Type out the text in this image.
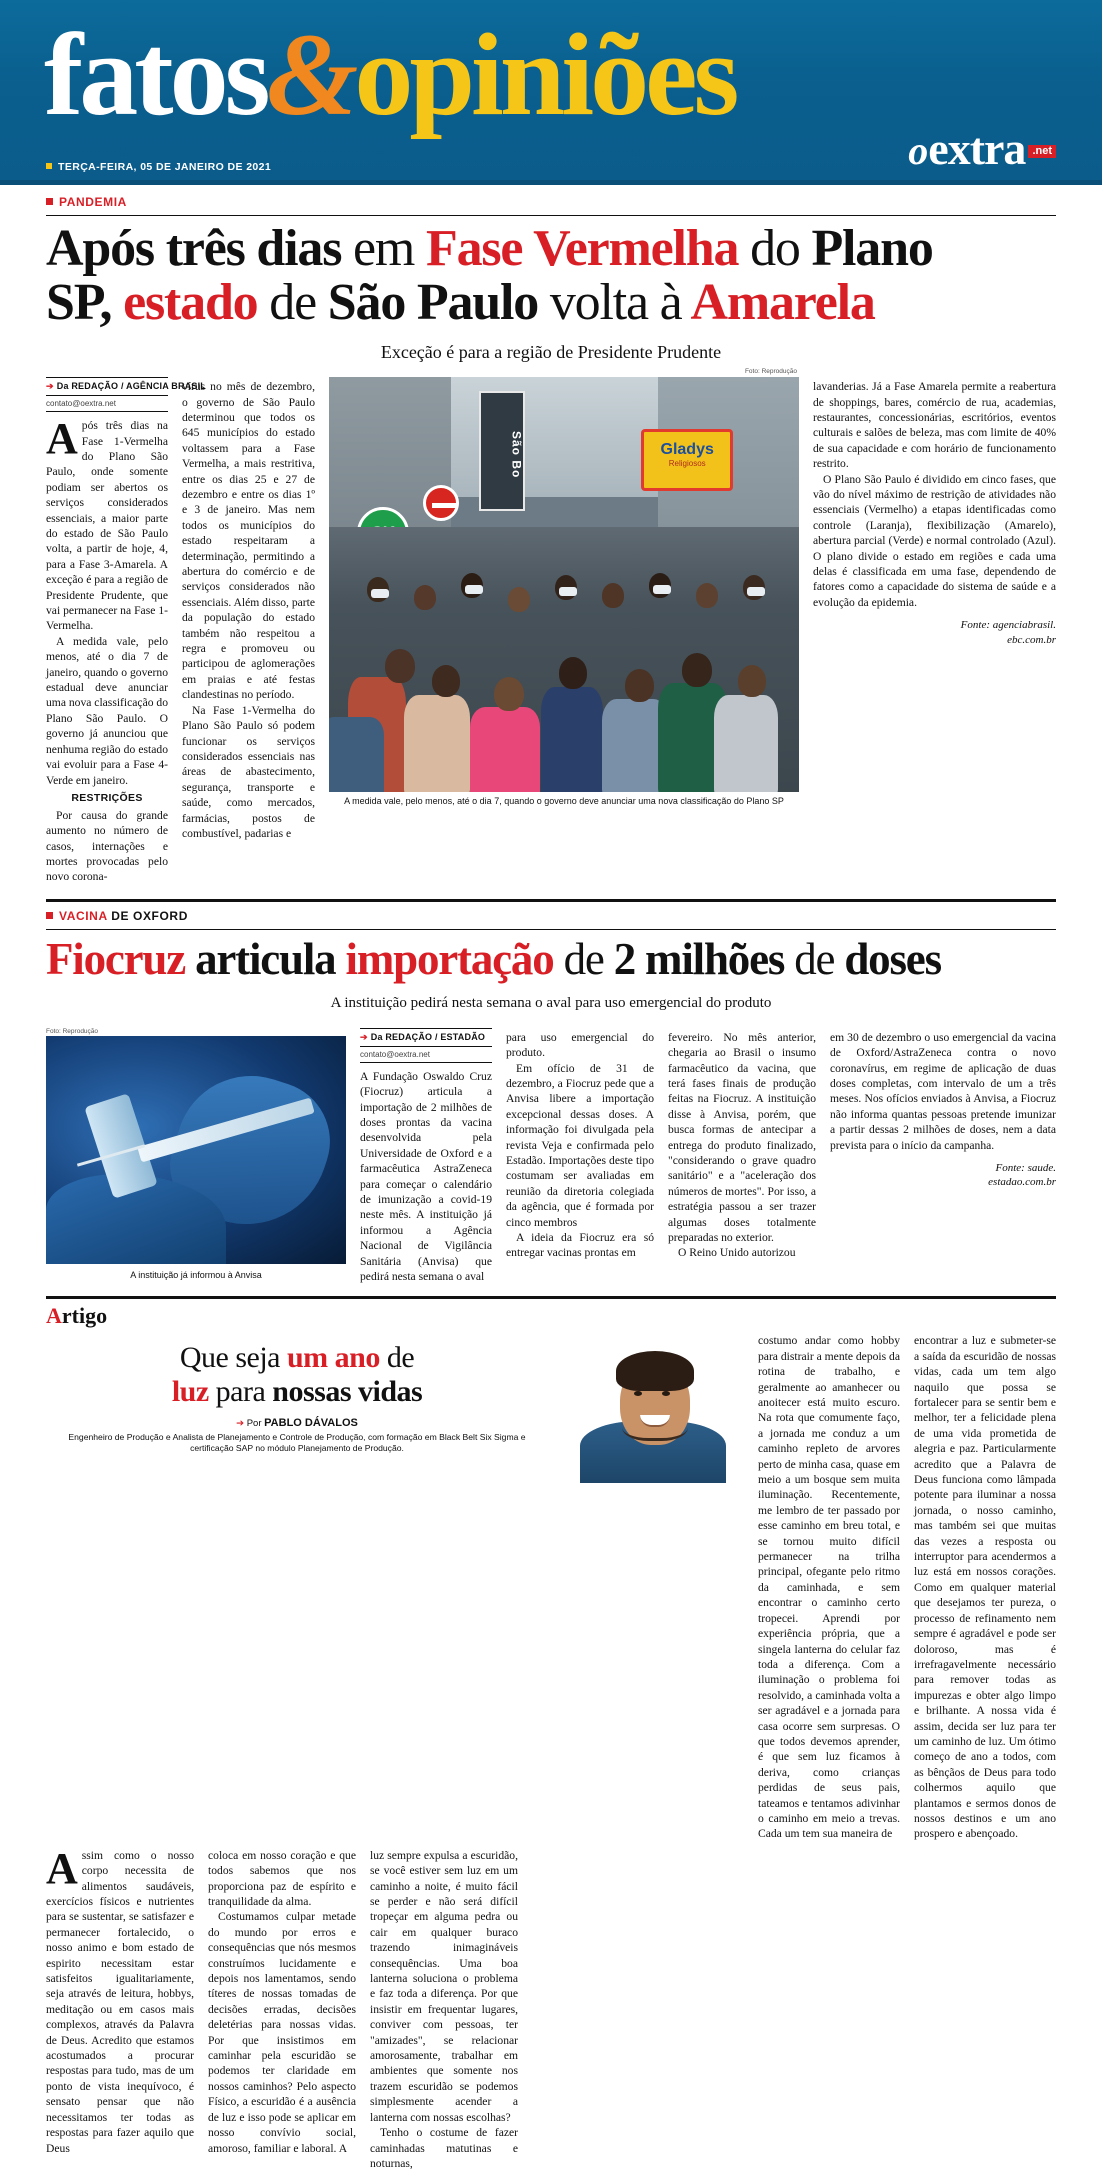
fatos&opiniões
oextra .net
TERÇA-FEIRA, 05 DE JANEIRO DE 2021
PANDEMIA
Após três dias em Fase Vermelha do Plano
SP, estado de São Paulo volta à Amarela
Exceção é para a região de Presidente Prudente
➔ Da REDAÇÃO / AGÊNCIA BRASIL
contato@oextra.net

Após três dias na Fase 1-Vermelha do Plano São Paulo, onde somente podiam ser abertos os serviços considerados essenciais, a maior parte do estado de São Paulo volta, a partir de hoje, 4, para a Fase 3-Amarela. A exceção é para a região de Presidente Prudente, que vai permanecer na Fase 1-Vermelha.

A medida vale, pelo menos, até o dia 7 de janeiro, quando o governo estadual deve anunciar uma nova classificação do Plano São Paulo. O governo já anunciou que nenhuma região do estado vai evoluir para a Fase 4-Verde em janeiro.

RESTRIÇÕES

Por causa do grande aumento no número de casos, internações e mortes provocadas pelo novo corona-

vírus no mês de dezembro, o governo de São Paulo determinou que todos os 645 municípios do estado voltassem para a Fase Vermelha, a mais restritiva, entre os dias 25 e 27 de dezembro e entre os dias 1º e 3 de janeiro. Mas nem todos os municípios do estado respeitaram a determinação, permitindo a abertura do comércio e de serviços considerados não essenciais. Além disso, parte da população do estado também não respeitou a regra e promoveu ou participou de aglomerações em praias e até festas clandestinas no período.

Na Fase 1-Vermelha do Plano São Paulo só podem funcionar os serviços considerados essenciais nas áreas de abastecimento, segurança, transporte e saúde, como mercados, farmácias, postos de combustível, padarias e

Foto: Reprodução
São Bo	Gladys
Religiosos
A medida vale, pelo menos, até o dia 7, quando o governo deve anunciar uma nova classificação do Plano SP

lavanderias. Já a Fase Amarela permite a reabertura de shoppings, bares, comércio de rua, academias, restaurantes, concessionárias, escritórios, eventos culturais e salões de beleza, mas com limite de 40% de sua capacidade e com horário de funcionamento restrito.

O Plano São Paulo é dividido em cinco fases, que vão do nível máximo de restrição de atividades não essenciais (Vermelho) a etapas identificadas como controle (Laranja), flexibilização (Amarelo), abertura parcial (Verde) e normal controlado (Azul). O plano divide o estado em regiões e cada uma delas é classificada em uma fase, dependendo de fatores como a capacidade do sistema de saúde e a evolução da epidemia.

Fonte: agenciabrasil.
ebc.com.br
VACINA DE OXFORD
Fiocruz articula importação de 2 milhões de doses
A instituição pedirá nesta semana o aval para uso emergencial do produto
Foto: Reprodução
A instituição já informou à Anvisa
➔ Da REDAÇÃO / ESTADÃO
contato@oextra.net

A Fundação Oswaldo Cruz (Fiocruz) articula a importação de 2 milhões de doses prontas da vacina desenvolvida pela Universidade de Oxford e a farmacêutica AstraZeneca para começar o calendário de imunização a covid-19 neste mês. A instituição já informou a Agência Nacional de Vigilância Sanitária (Anvisa) que pedirá nesta semana o aval

para uso emergencial do produto.

Em ofício de 31 de dezembro, a Fiocruz pede que a Anvisa libere a importação excepcional dessas doses. A informação foi divulgada pela revista Veja e confirmada pelo Estadão. Importações deste tipo costumam ser avaliadas em reunião da diretoria colegiada da agência, que é formada por cinco membros

A ideia da Fiocruz era só entregar vacinas prontas em

fevereiro. No mês anterior, chegaria ao Brasil o insumo farmacêutico da vacina, que terá fases finais de produção feitas na Fiocruz. A instituição disse à Anvisa, porém, que busca formas de antecipar a entrega do produto finalizado, "considerando o grave quadro sanitário" e a "aceleração dos números de mortes". Por isso, a estratégia passou a ser trazer algumas doses totalmente preparadas no exterior.

O Reino Unido autorizou

em 30 de dezembro o uso emergencial da vacina de Oxford/AstraZeneca contra o novo coronavírus, em regime de aplicação de duas doses completas, com intervalo de um a três meses. Nos ofícios enviados à Anvisa, a Fiocruz não informa quantas pessoas pretende imunizar a partir dessas 2 milhões de doses, nem a data prevista para o início da campanha.

Fonte: saude.
estadao.com.br
Artigo
Que seja um ano de
luz para nossas vidas
➔ Por PABLO DÁVALOS
Engenheiro de Produção e Analista de Planejamento e Controle de Produção, com formação em Black Belt Six Sigma e certificação SAP no módulo Planejamento de Produção.

costumo andar como hobby para distrair a mente depois da rotina de trabalho, e geralmente ao amanhecer ou anoitecer está muito escuro. Na rota que comumente faço, a jornada me conduz a um caminho repleto de arvores perto de minha casa, quase em meio a um bosque sem muita iluminação. Recentemente, me lembro de ter passado por esse caminho em breu total, e se tornou muito difícil permanecer na trilha principal, ofegante pelo ritmo da caminhada, e sem encontrar o caminho certo tropecei. Aprendi por experiência própria, que a singela lanterna do celular faz toda a diferença. Com a iluminação o problema foi resolvido, a caminhada volta a ser agradável e a jornada para casa ocorre sem surpresas. O que todos devemos aprender, é que sem luz ficamos à deriva, como crianças perdidas de seus pais, tateamos e tentamos adivinhar o caminho em meio a trevas. Cada um tem sua maneira de

encontrar a luz e submeter-se a saída da escuridão de nossas vidas, cada um tem algo naquilo que possa se fortalecer para se sentir bem e melhor, ter a felicidade plena de uma vida prometida de alegria e paz. Particularmente acredito que a Palavra de Deus funciona como lâmpada potente para iluminar a nossa jornada, o nosso caminho, mas também sei que muitas das vezes a resposta ou interruptor para acendermos a luz está em nossos corações. Como em qualquer material que desejamos ter pureza, o processo de refinamento nem sempre é agradável e pode ser doloroso, mas é irrefragavelmente necessário para remover todas as impurezas e obter algo limpo e brilhante. A nossa vida é assim, decida ser luz para ter um caminho de luz. Um ótimo começo de ano a todos, com as bênçãos de Deus para todo colhermos aquilo que plantamos e sermos donos de nossos destinos e um ano prospero e abençoado.

Assim como o nosso corpo necessita de alimentos saudáveis, exercícios físicos e nutrientes para se sustentar, se satisfazer e permanecer fortalecido, o nosso animo e bom estado de espirito necessitam estar satisfeitos igualitariamente, seja através de leitura, hobbys, meditação ou em casos mais complexos, através da Palavra de Deus. Acredito que estamos acostumados a procurar respostas para tudo, mas de um ponto de vista inequívoco, é sensato pensar que não necessitamos ter todas as respostas para fazer aquilo que Deus

coloca em nosso coração e que todos sabemos que nos proporciona paz de espírito e tranquilidade da alma.

Costumamos culpar metade do mundo por erros e consequências que nós mesmos construímos lucidamente e depois nos lamentamos, sendo títeres de nossas tomadas de decisões erradas, decisões deletérias para nossas vidas. Por que insistimos em caminhar pela escuridão se podemos ter claridade em nossos caminhos? Pelo aspecto Físico, a escuridão é a ausência de luz e isso pode se aplicar em nosso convívio social, amoroso, familiar e laboral. A

luz sempre expulsa a escuridão, se você estiver sem luz em um caminho a noite, é muito fácil se perder e não será difícil tropeçar em alguma pedra ou cair em qualquer buraco trazendo inimagináveis consequências. Uma boa lanterna soluciona o problema e faz toda a diferença. Por que insistir em frequentar lugares, conviver com pessoas, ter "amizades", se relacionar amorosamente, trabalhar em ambientes que somente nos trazem escuridão se podemos simplesmente acender a lanterna com nossas escolhas?

Tenho o costume de fazer caminhadas matutinas e noturnas,
